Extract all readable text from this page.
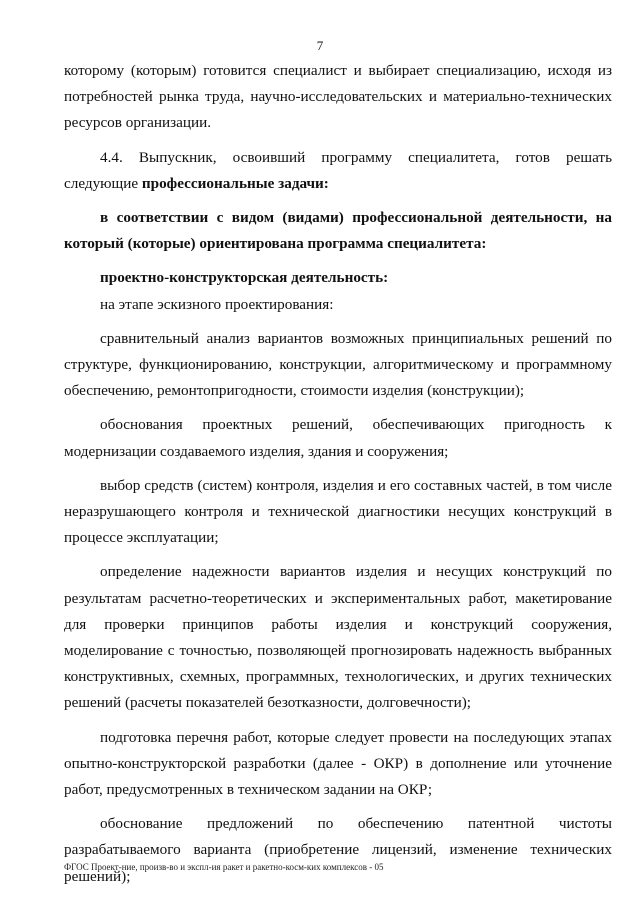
7

которому (которым) готовится специалист и выбирает специализацию, исходя из потребностей рынка труда, научно-исследовательских и материально-технических ресурсов организации.

4.4. Выпускник, освоивший программу специалитета, готов решать следующие профессиональные задачи:

в соответствии с видом (видами) профессиональной деятельности, на который (которые) ориентирована программа специалитета:

проектно-конструкторская деятельность:

на этапе эскизного проектирования:

сравнительный анализ вариантов возможных принципиальных решений по структуре, функционированию, конструкции, алгоритмическому и программному обеспечению, ремонтопригодности, стоимости изделия (конструкции);

обоснования проектных решений, обеспечивающих пригодность к модернизации создаваемого изделия, здания и сооружения;

выбор средств (систем) контроля, изделия и его составных частей, в том числе неразрушающего контроля и технической диагностики несущих конструкций в процессе эксплуатации;

определение надежности вариантов изделия и несущих конструкций по результатам расчетно-теоретических и экспериментальных работ, макетирование для проверки принципов работы изделия и конструкций сооружения, моделирование с точностью, позволяющей прогнозировать надежность выбранных конструктивных, схемных, программных, технологических, и других технических решений (расчеты показателей безотказности, долговечности);

подготовка перечня работ, которые следует провести на последующих этапах опытно-конструкторской разработки (далее - ОКР) в дополнение или уточнение работ, предусмотренных в техническом задании на ОКР;

обоснование предложений по обеспечению патентной чистоты разрабатываемого варианта (приобретение лицензий, изменение технических решений);

ФГОС Проект-ние, произв-во и экспл-ия ракет и ракетно-косм-ких комплексов - 05
